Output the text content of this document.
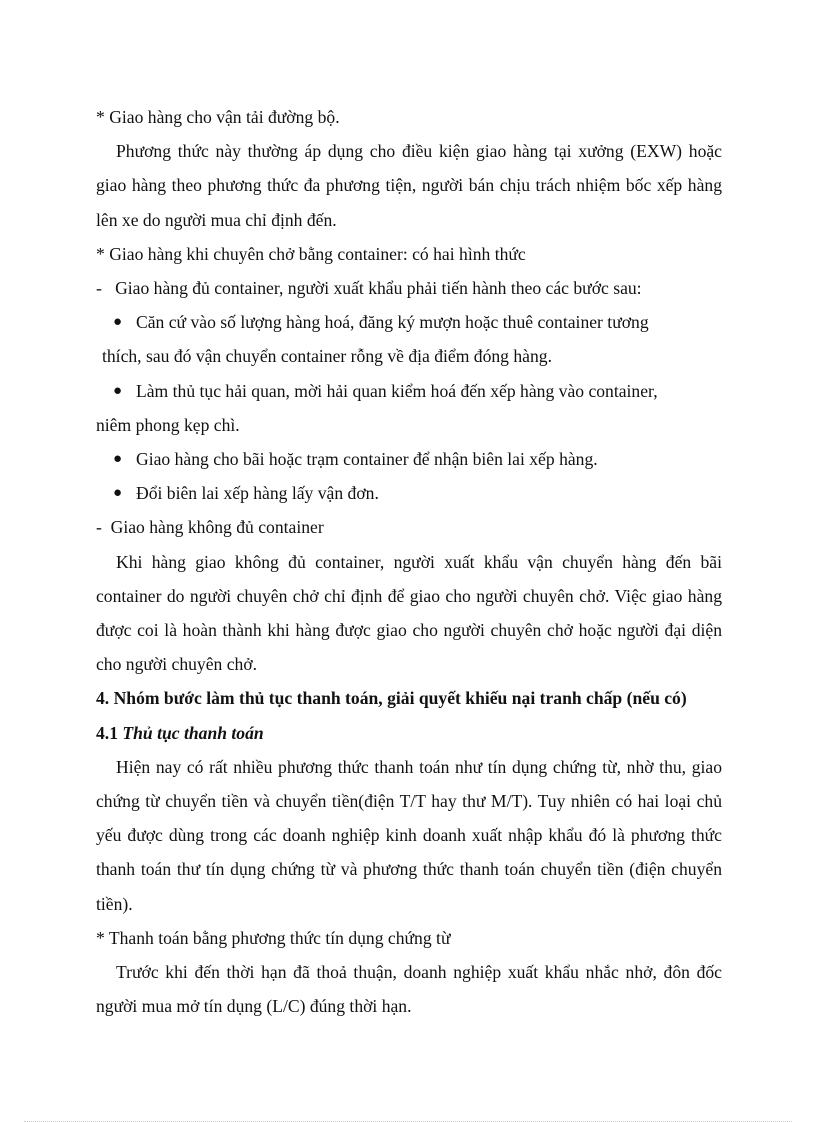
* Giao hàng cho vận tải đường bộ.

Phương thức này thường áp dụng cho điều kiện giao hàng tại xưởng (EXW) hoặc giao hàng theo phương thức đa phương tiện, người bán chịu trách nhiệm bốc xếp hàng lên xe do người mua chỉ định đến.

* Giao hàng khi chuyên chở bằng container: có hai hình thức

- Giao hàng đủ container, người xuất khẩu phải tiến hành theo các bước sau:

● Căn cứ vào số lượng hàng hoá, đăng ký mượn hoặc thuê container tương

thích, sau đó vận chuyển container rỗng về địa điểm đóng hàng.

● Làm thủ tục hải quan, mời hải quan kiểm hoá đến xếp hàng vào container,

niêm phong kẹp chì.

● Giao hàng cho bãi hoặc trạm container để nhận biên lai xếp hàng.
● Đổi biên lai xếp hàng lấy vận đơn.

- Giao hàng không đủ container

Khi hàng giao không đủ container, người xuất khẩu vận chuyển hàng đến bãi container do người chuyên chở chỉ định để giao cho người chuyên chở. Việc giao hàng được coi là hoàn thành khi hàng được giao cho người chuyên chở hoặc người đại diện cho người chuyên chở.

4. Nhóm bước làm thủ tục thanh toán, giải quyết khiếu nại tranh chấp (nếu có)

4.1 Thủ tục thanh toán

Hiện nay có rất nhiều phương thức thanh toán như tín dụng chứng từ, nhờ thu, giao chứng từ chuyển tiền và chuyển tiền(điện T/T hay thư M/T). Tuy nhiên có hai loại chủ yếu được dùng trong các doanh nghiệp kinh doanh xuất nhập khẩu đó là phương thức thanh toán thư tín dụng chứng từ và phương thức thanh toán chuyển tiền (điện chuyển tiền).

* Thanh toán bằng phương thức tín dụng chứng từ

Trước khi đến thời hạn đã thoả thuận, doanh nghiệp xuất khẩu nhắc nhở, đôn đốc người mua mở tín dụng (L/C) đúng thời hạn.
